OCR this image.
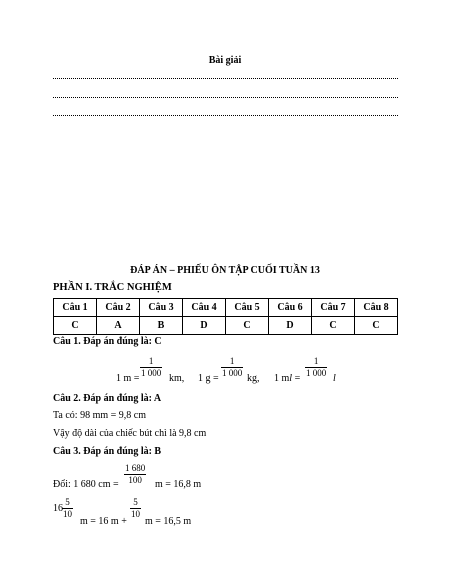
Bài giải
ĐÁP ÁN – PHIẾU ÔN TẬP CUỐI TUẦN 13
PHẦN I. TRẮC NGHIỆM
Câu 1	Câu 2	Câu 3	Câu 4	Câu 5	Câu 6	Câu 7	Câu 8
C	A	B	D	C	D	C	C
Câu 1. Đáp án đúng là: C
1 $m = \frac{1}{1 000}$ km, 1 $g = \frac{1}{1 000}$ kg, 1 ml = $\frac{1}{1 000}$ l
Câu 2. Đáp án đúng là: A
Ta có: 98 mm = 9,8 cm
Vậy độ dài của chiếc bút chì là 9,8 cm
Câu 3. Đáp án đúng là: B
Đổi: 1 680 cm = $\frac{1 680}{100}$ m = 16,8 m
$16 \frac{5}{10}$
m = 16 m +
$\frac{5}{10}$
m = 16,5 m
